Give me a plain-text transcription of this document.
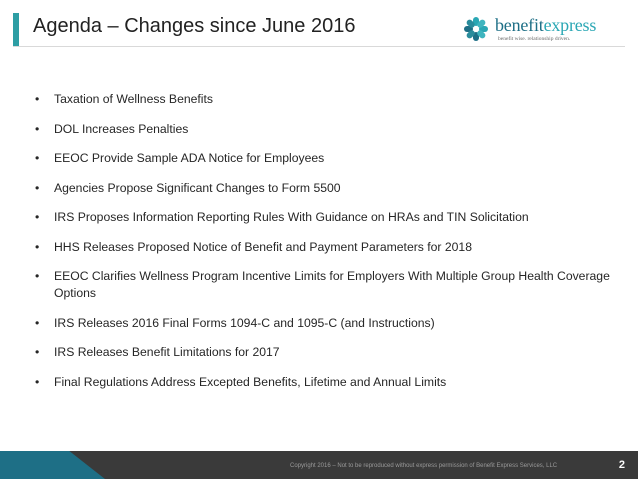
Agenda – Changes since June 2016	benefitexpress
benefit wise. relationship driven.
• Taxation of Wellness Benefits
• DOL Increases Penalties
• EEOC Provide Sample ADA Notice for Employees
• Agencies Propose Significant Changes to Form 5500
• IRS Proposes Information Reporting Rules With Guidance on HRAs and TIN Solicitation
• HHS Releases Proposed Notice of Benefit and Payment Parameters for 2018
• EEOC Clarifies Wellness Program Incentive Limits for Employers With Multiple Group Health Coverage Options
• IRS Releases 2016 Final Forms 1094-C and 1095-C (and Instructions)
• IRS Releases Benefit Limitations for 2017
• Final Regulations Address Excepted Benefits, Lifetime and Annual Limits
Copyright 2016 – Not to be reproduced without express permission of Benefit Express Services, LLC	2
